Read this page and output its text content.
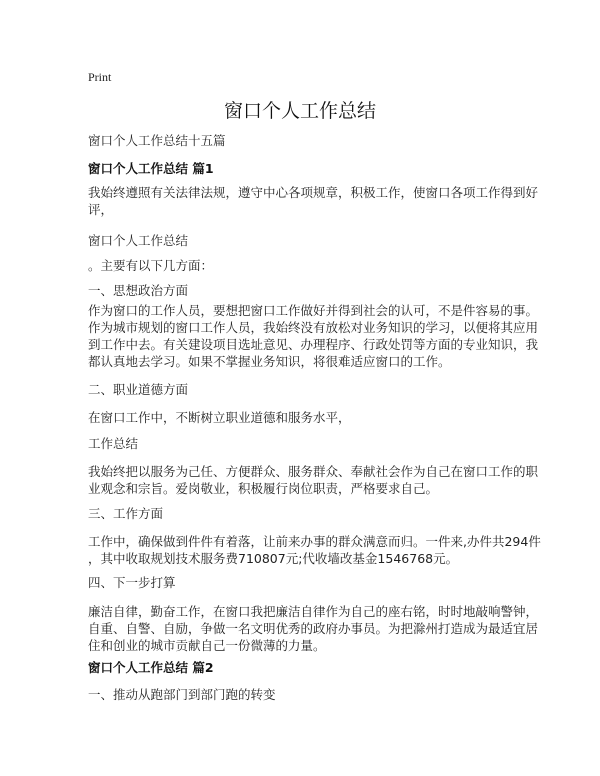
Print
窗口个人工作总结
窗口个人工作总结十五篇
窗口个人工作总结 篇1
我始终遵照有关法律法规，遵守中心各项规章，积极工作，使窗口各项工作得到好
评，
窗口个人工作总结
。主要有以下几方面：
一、思想政治方面
作为窗口的工作人员，要想把窗口工作做好并得到社会的认可，不是件容易的事。
作为城市规划的窗口工作人员，我始终没有放松对业务知识的学习，以便将其应用
到工作中去。有关建设项目选址意见、办理程序、行政处罚等方面的专业知识，我
都认真地去学习。如果不掌握业务知识，将很难适应窗口的工作。
二、职业道德方面
在窗口工作中，不断树立职业道德和服务水平，
工作总结
我始终把以服务为己任、方便群众、服务群众、奉献社会作为自己在窗口工作的职
业观念和宗旨。爱岗敬业，积极履行岗位职责，严格要求自己。
三、工作方面
工作中，确保做到件件有着落，让前来办事的群众满意而归。一件来,办件共294件
，其中收取规划技术服务费710807元;代收墙改基金1546768元。
四、下一步打算
廉洁自律，勤奋工作，在窗口我把廉洁自律作为自己的座右铭，时时地敲响警钟，
自重、自警、自励，争做一名文明优秀的政府办事员。为把滁州打造成为最适宜居
住和创业的城市贡献自己一份微薄的力量。
窗口个人工作总结 篇2
一、推动从跑部门到部门跑的转变
